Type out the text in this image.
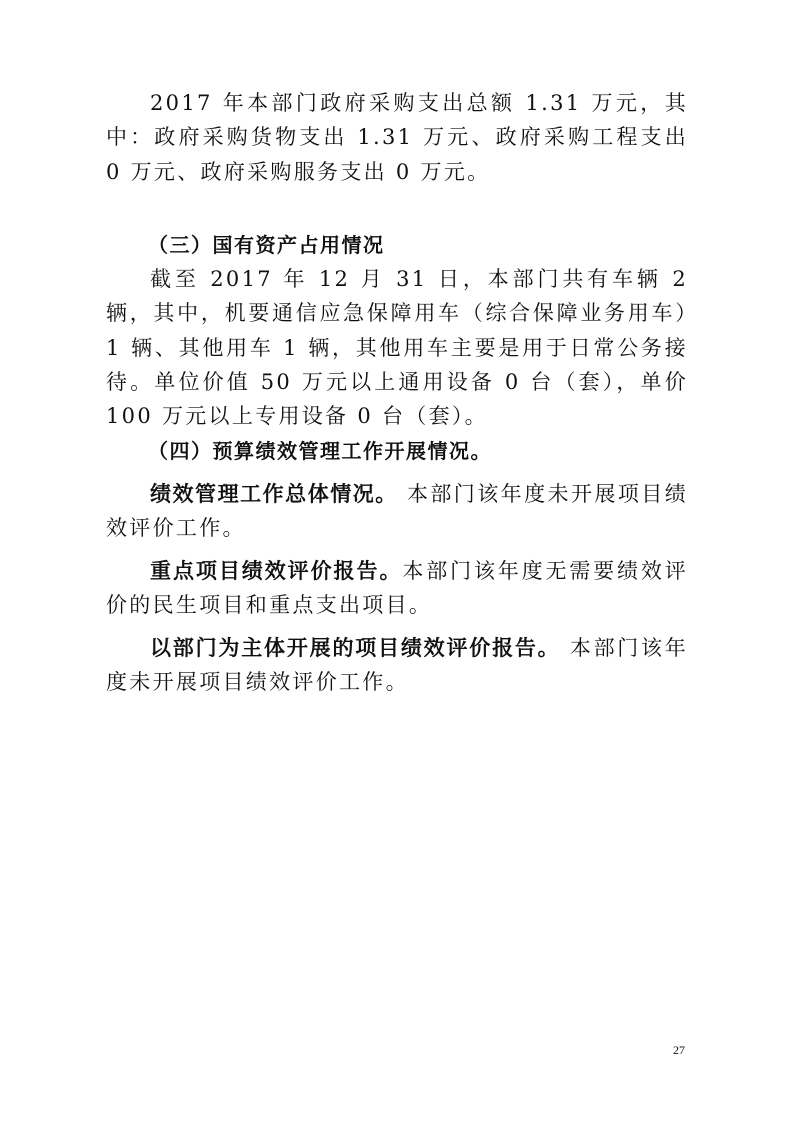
2017 年本部门政府采购支出总额 1.31 万元，其中：政府采购货物支出 1.31 万元、政府采购工程支出 0 万元、政府采购服务支出 0 万元。

（三）国有资产占用情况

截至 2017 年 12 月 31 日，本部门共有车辆 2 辆，其中，机要通信应急保障用车（综合保障业务用车）1 辆、其他用车 1 辆，其他用车主要是用于日常公务接待。单位价值 50 万元以上通用设备 0 台（套），单价 100 万元以上专用设备 0 台（套）。

（四）预算绩效管理工作开展情况。

绩效管理工作总体情况。 本部门该年度未开展项目绩效评价工作。

重点项目绩效评价报告。本部门该年度无需要绩效评价的民生项目和重点支出项目。

以部门为主体开展的项目绩效评价报告。 本部门该年度未开展项目绩效评价工作。

27
